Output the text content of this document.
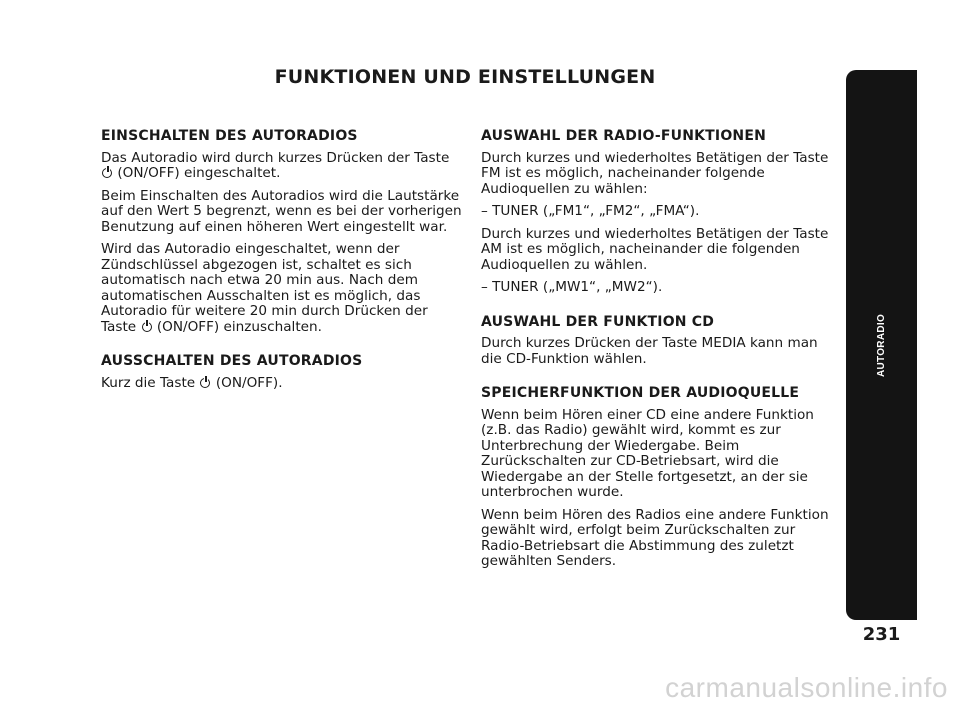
FUNKTIONEN UND EINSTELLUNGEN
EINSCHALTEN DES AUTORADIOS

Das Autoradio wird durch kurzes Drücken der Taste  (ON/OFF) eingeschaltet.

Beim Einschalten des Autoradios wird die Lautstärke auf den Wert 5 begrenzt, wenn es bei der vorherigen Benutzung auf einen höheren Wert eingestellt war.

Wird das Autoradio eingeschaltet, wenn der Zündschlüssel abgezogen ist, schaltet es sich automatisch nach etwa 20 min aus. Nach dem automatischen Ausschalten ist es möglich, das Autoradio für weitere 20 min durch Drücken der Taste (ON/OFF) einzuschalten.

AUSSCHALTEN DES AUTORADIOS

Kurz die Taste (ON/OFF).

AUSWAHL DER RADIO-FUNKTIONEN

Durch kurzes und wiederholtes Betätigen der Taste FM ist es möglich, nacheinander folgende Audioquellen zu wählen:

– TUNER („FM1“, „FM2“, „FMA“).

Durch kurzes und wiederholtes Betätigen der Taste AM ist es möglich, nacheinander die folgenden Audioquellen zu wählen.

– TUNER („MW1“, „MW2“).

AUSWAHL DER FUNKTION CD

Durch kurzes Drücken der Taste MEDIA kann man die CD-Funktion wählen.

SPEICHERFUNKTION DER AUDIOQUELLE

Wenn beim Hören einer CD eine andere Funktion (z.B. das Radio) gewählt wird, kommt es zur Unterbrechung der Wiedergabe. Beim Zurückschalten zur CD-Betriebsart, wird die Wiedergabe an der Stelle fortgesetzt, an der sie unterbrochen wurde.

Wenn beim Hören des Radios eine andere Funktion gewählt wird, erfolgt beim Zurückschalten zur Radio-Betriebsart die Abstimmung des zuletzt gewählten Senders.

AUTORADIO
231
carmanualsonline.info
